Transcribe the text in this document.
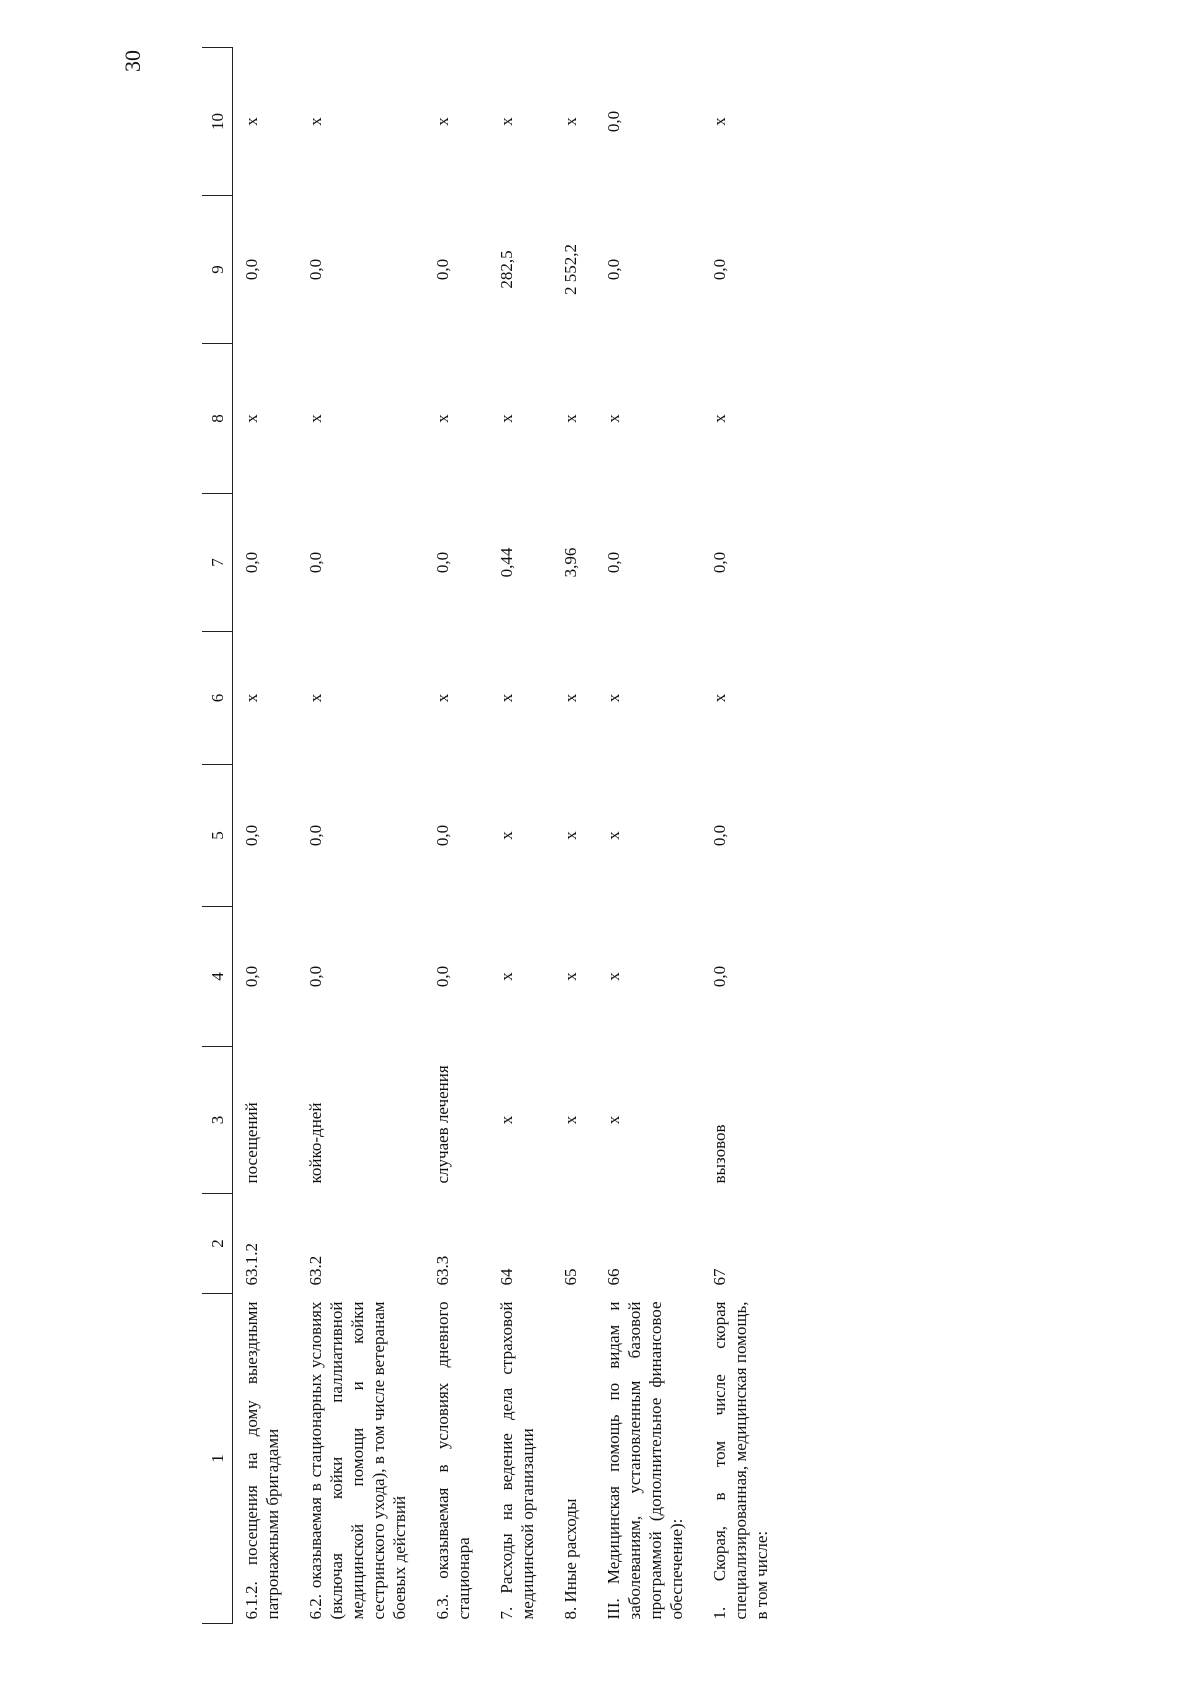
30
1	2	3	4	5	6	7	8	9	10
6.1.2. посещения на дому выездными патронажными бригадами	63.1.2	посещений	0,0	0,0	х	0,0	х	0,0	х
6.2. оказываемая в стационарных условиях (включая койки паллиативной медицинской помощи и койки сестринского ухода), в том числе ветеранам боевых действий	63.2	койко-дней	0,0	0,0	х	0,0	х	0,0	х
6.3. оказываемая в условиях дневного стационара	63.3	случаев лечения	0,0	0,0	х	0,0	х	0,0	х
7. Расходы на ведение дела страховой медицинской организации	64	х	х	х	х	0,44	х	282,5	х
8. Иные расходы	65	х	х	х	х	3,96	х	2 552,2	х
III. Медицинская помощь по видам и заболеваниям, установленным базовой программой (дополнительное финансовое обеспечение):	66	х	х	х	х	0,0	х	0,0	0,0
1. Скорая, в том числе скорая специализированная, медицинская помощь, в том числе:	67	вызовов	0,0	0,0	х	0,0	х	0,0	х
